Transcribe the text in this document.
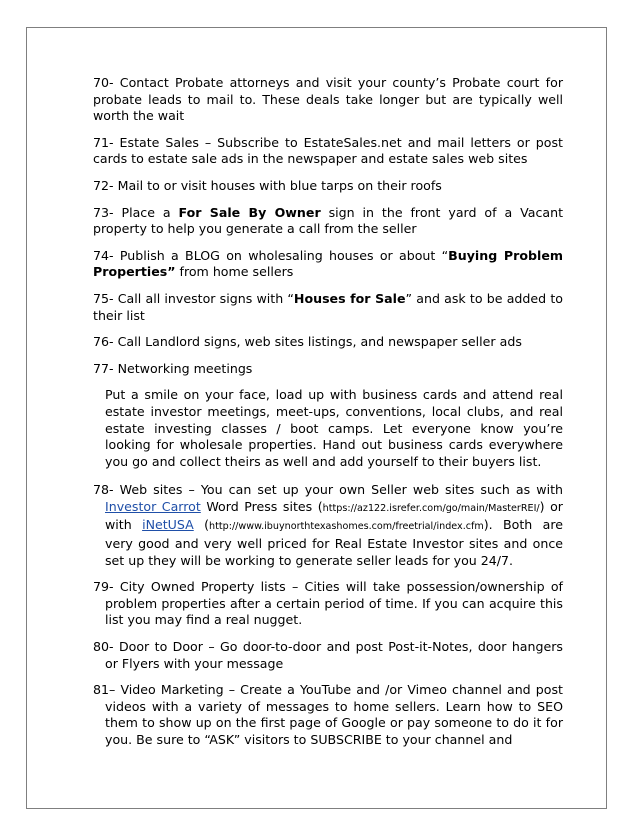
70- Contact Probate attorneys and visit your county’s Probate court for probate leads to mail to. These deals take longer but are typically well worth the wait

71- Estate Sales – Subscribe to EstateSales.net and mail letters or post cards to estate sale ads in the newspaper and estate sales web sites

72- Mail to or visit houses with blue tarps on their roofs

73- Place a For Sale By Owner sign in the front yard of a Vacant property to help you generate a call from the seller

74- Publish a BLOG on wholesaling houses or about “Buying Problem Properties” from home sellers

75- Call all investor signs with “Houses for Sale” and ask to be added to their list

76- Call Landlord signs, web sites listings, and newspaper seller ads

77- Networking meetings

Put a smile on your face, load up with business cards and attend real estate investor meetings, meet-ups, conventions, local clubs, and real estate investing classes / boot camps. Let everyone know you’re looking for wholesale properties. Hand out business cards everywhere you go and collect theirs as well and add yourself to their buyers list.

78- Web sites – You can set up your own Seller web sites such as with Investor Carrot Word Press sites (https://az122.isrefer.com/go/main/MasterREI/) or with iNetUSA (http://www.ibuynorthtexashomes.com/freetrial/index.cfm). Both are very good and very well priced for Real Estate Investor sites and once set up they will be working to generate seller leads for you 24/7.

79- City Owned Property lists – Cities will take possession/ownership of problem properties after a certain period of time. If you can acquire this list you may find a real nugget.

80- Door to Door – Go door-to-door and post Post-it-Notes, door hangers or Flyers with your message

81– Video Marketing – Create a YouTube and /or Vimeo channel and post videos with a variety of messages to home sellers. Learn how to SEO them to show up on the first page of Google or pay someone to do it for you. Be sure to “ASK” visitors to SUBSCRIBE to your channel and
